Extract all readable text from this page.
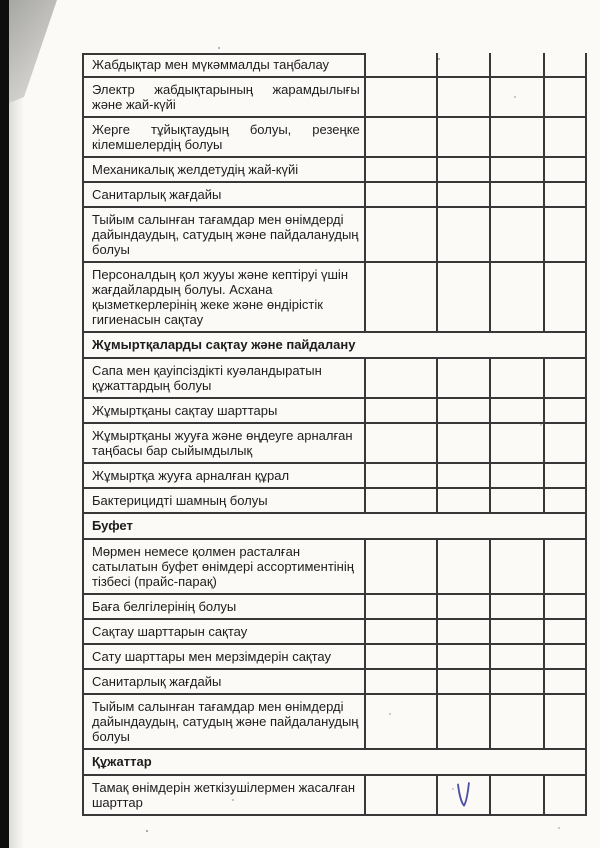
Жабдықтар мен мүкәммалды таңбалау
Электр жабдықтарының жарамдылығы және жай-күйі
Жерге тұйықтаудың болуы, резеңке кілемшелердің болуы
Механикалық желдетудің жай-күйі
Санитарлық жағдайы
Тыйым салынған тағамдар мен өнімдерді дайындаудың, сатудың және пайдаланудың болуы
Персоналдың қол жууы және кептіруі үшін жағдайлардың болуы. Асхана қызметкерлерінің жеке және өндірістік гигиенасын сақтау
Жұмыртқаларды сақтау және пайдалану
Сапа мен қауіпсіздікті куәландыратын құжаттардың болуы
Жұмыртқаны сақтау шарттары
Жұмыртқаны жууға және өңдеуге арналған таңбасы бар сыйымдылық
Жұмыртқа жууға арналған құрал
Бактерицидті шамның болуы
Буфет
Мөрмен немесе қолмен расталған сатылатын буфет өнімдері ассортиментінің тізбесі (прайс-парақ)
Баға белгілерінің болуы
Сақтау шарттарын сақтау
Сату шарттары мен мерзімдерін сақтау
Санитарлық жағдайы
Тыйым салынған тағамдар мен өнімдерді дайындаудың, сатудың және пайдаланудың болуы
Құжаттар
Тамақ өнімдерін жеткізушілермен жасалған шарттар
